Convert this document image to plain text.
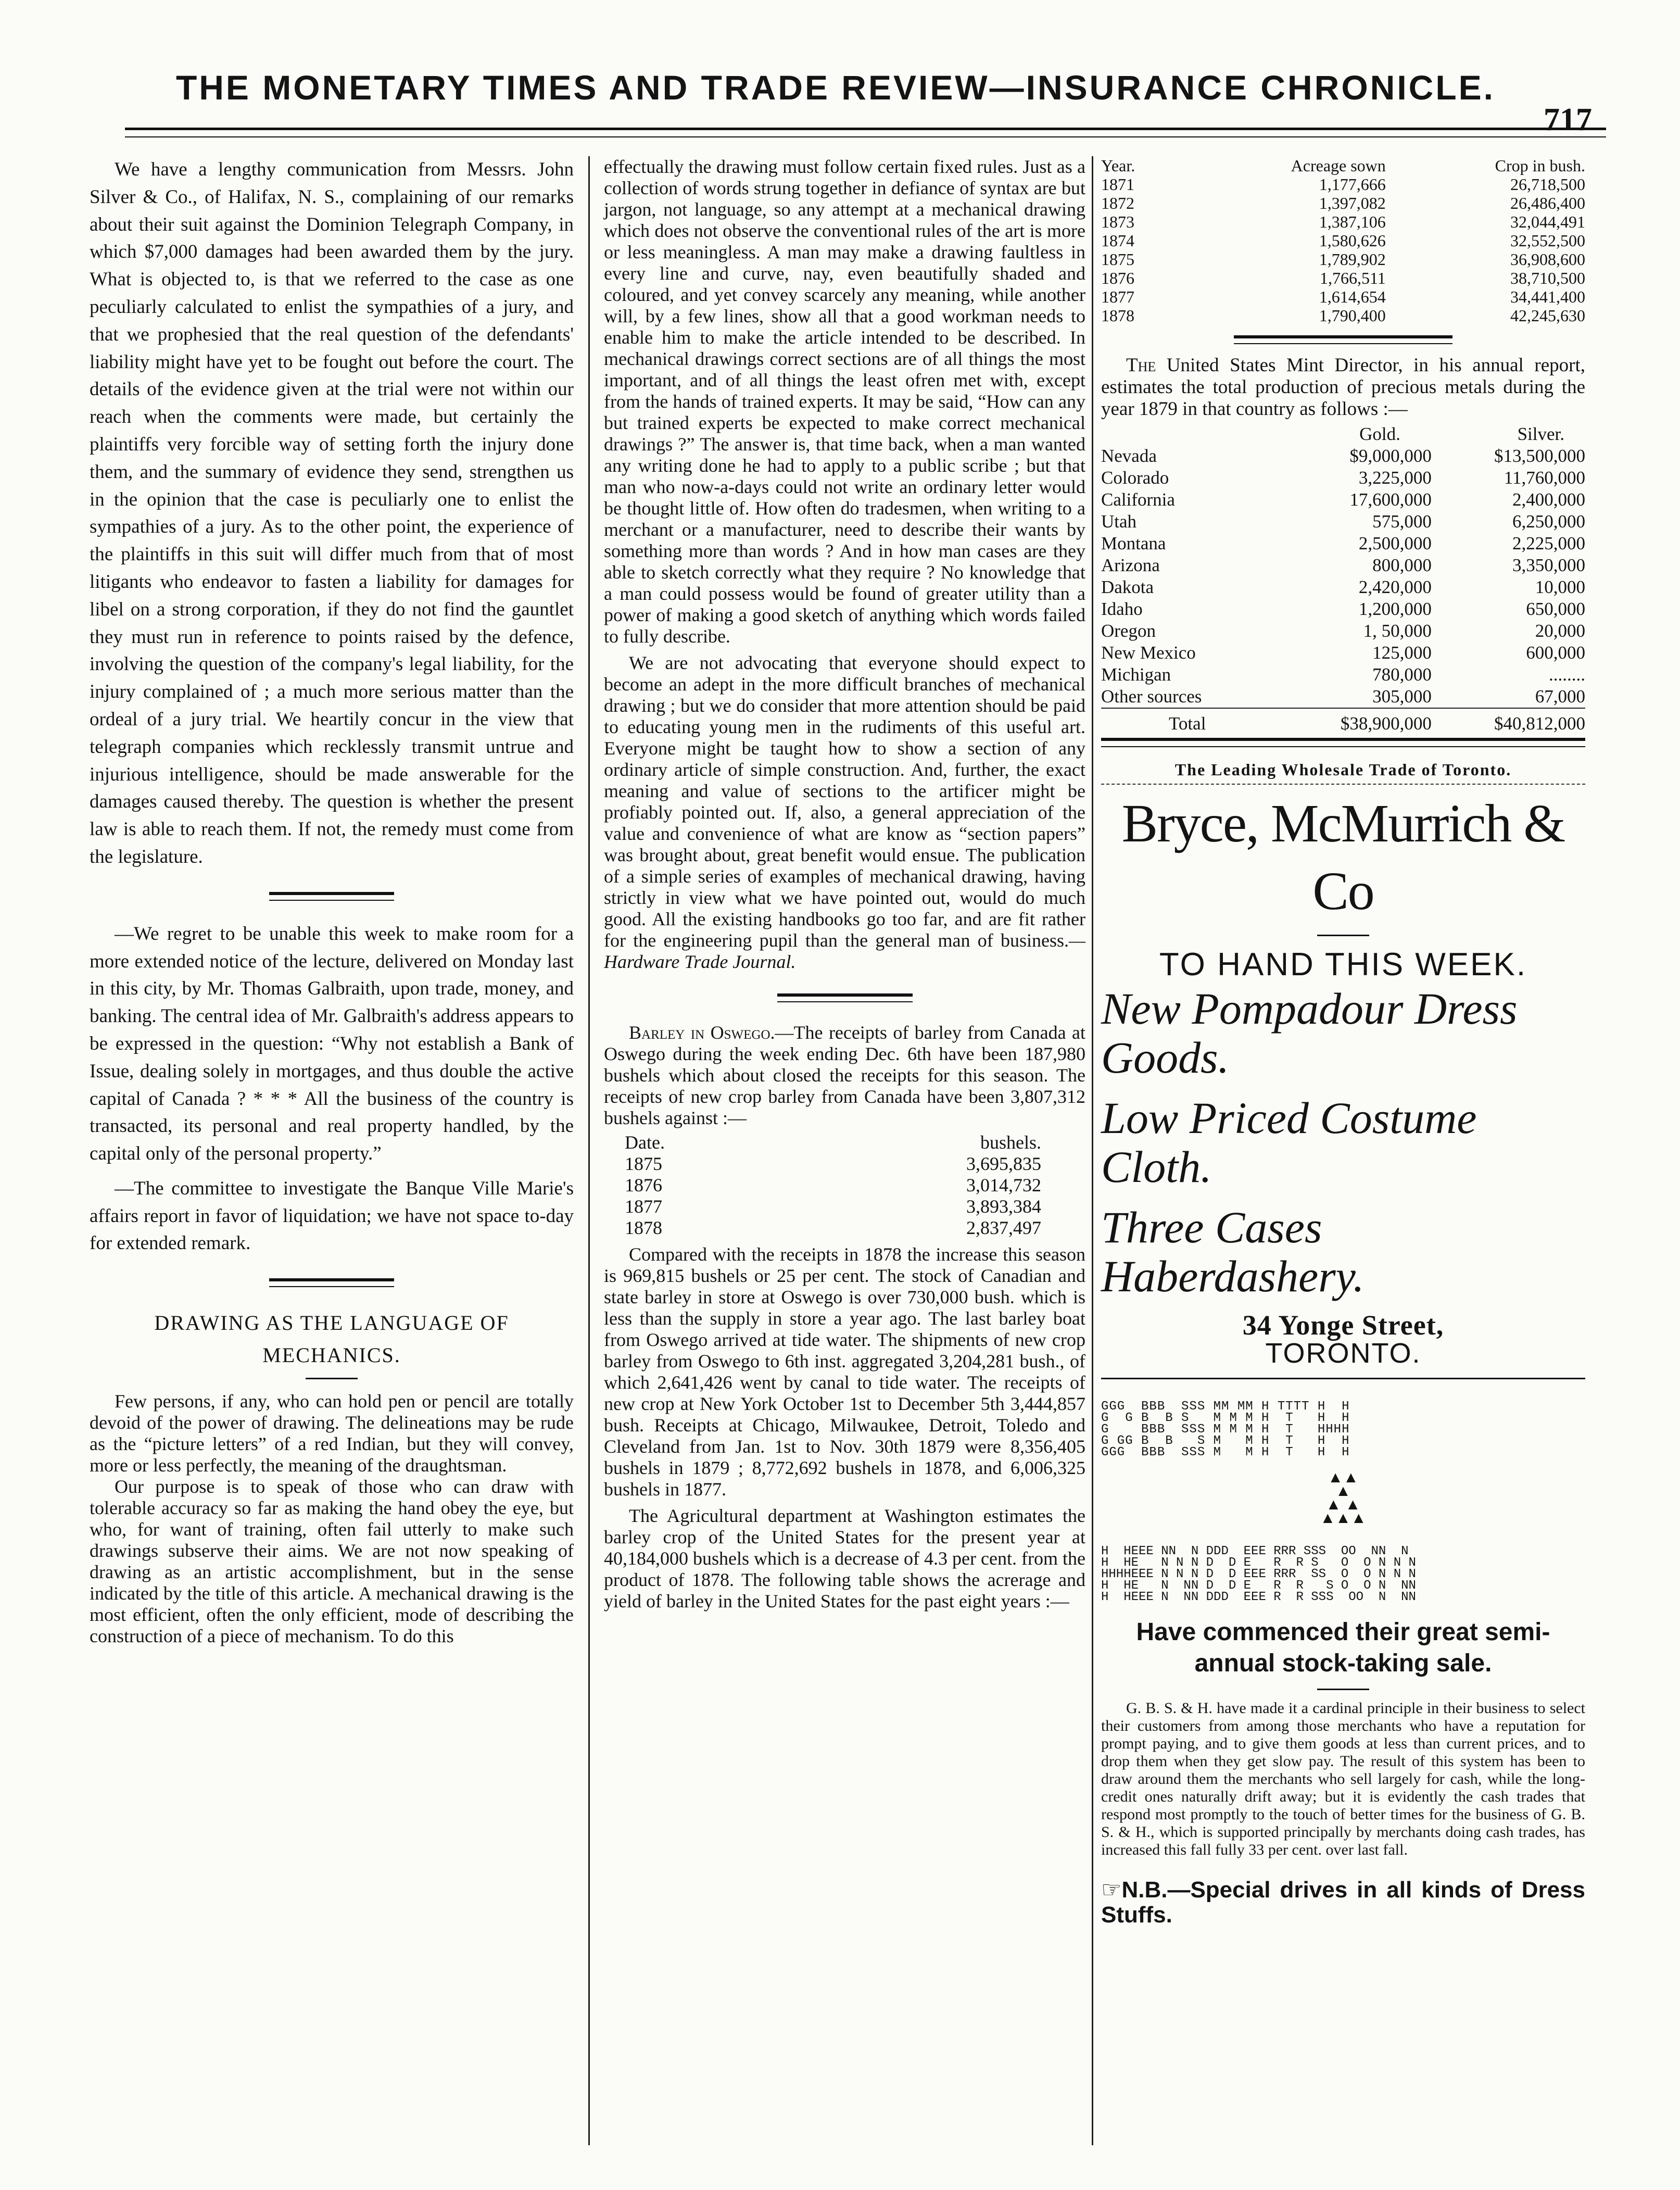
THE MONETARY TIMES AND TRADE REVIEW—INSURANCE CHRONICLE.
717

We have a lengthy communication from Messrs. John Silver & Co., of Halifax, N. S., complaining of our remarks about their suit against the Dominion Telegraph Company, in which $7,000 damages had been awarded them by the jury. What is objected to, is that we referred to the case as one peculiarly calculated to enlist the sympathies of a jury, and that we prophesied that the real question of the defendants' liability might have yet to be fought out before the court. The details of the evidence given at the trial were not within our reach when the comments were made, but certainly the plaintiffs very forcible way of setting forth the injury done them, and the summary of evidence they send, strengthen us in the opinion that the case is peculiarly one to enlist the sympathies of a jury. As to the other point, the experience of the plaintiffs in this suit will differ much from that of most litigants who endeavor to fasten a liability for damages for libel on a strong corporation, if they do not find the gauntlet they must run in reference to points raised by the defence, involving the question of the company's legal liability, for the injury complained of ; a much more serious matter than the ordeal of a jury trial. We heartily concur in the view that telegraph companies which recklessly transmit untrue and injurious intelligence, should be made answerable for the damages caused thereby. The question is whether the present law is able to reach them. If not, the remedy must come from the legislature.

—We regret to be unable this week to make room for a more extended notice of the lecture, delivered on Monday last in this city, by Mr. Thomas Galbraith, upon trade, money, and banking. The central idea of Mr. Galbraith's address appears to be expressed in the question: “Why not establish a Bank of Issue, dealing solely in mortgages, and thus double the active capital of Canada ? * * * All the business of the country is transacted, its personal and real property handled, by the capital only of the personal property.”

—The committee to investigate the Banque Ville Marie's affairs report in favor of liquidation; we have not space to-day for extended remark.

DRAWING AS THE LANGUAGE OF MECHANICS.

Few persons, if any, who can hold pen or pencil are totally devoid of the power of drawing. The delineations may be rude as the “picture letters” of a red Indian, but they will convey, more or less perfectly, the meaning of the draughtsman.

Our purpose is to speak of those who can draw with tolerable accuracy so far as making the hand obey the eye, but who, for want of training, often fail utterly to make such drawings subserve their aims. We are not now speaking of drawing as an artistic accomplishment, but in the sense indicated by the title of this article. A mechanical drawing is the most efficient, often the only efficient, mode of describing the construction of a piece of mechanism. To do this

effectually the drawing must follow certain fixed rules. Just as a collection of words strung together in defiance of syntax are but jargon, not language, so any attempt at a mechanical drawing which does not observe the conventional rules of the art is more or less meaningless. A man may make a drawing faultless in every line and curve, nay, even beautifully shaded and coloured, and yet convey scarcely any meaning, while another will, by a few lines, show all that a good workman needs to enable him to make the article intended to be described. In mechanical drawings correct sections are of all things the most important, and of all things the least ofren met with, except from the hands of trained experts. It may be said, “How can any but trained experts be expected to make correct mechanical drawings ?” The answer is, that time back, when a man wanted any writing done he had to apply to a public scribe ; but that man who now-a-days could not write an ordinary letter would be thought little of. How often do tradesmen, when writing to a merchant or a manufacturer, need to describe their wants by something more than words ? And in how man cases are they able to sketch correctly what they require ? No knowledge that a man could possess would be found of greater utility than a power of making a good sketch of anything which words failed to fully describe.

We are not advocating that everyone should expect to become an adept in the more difficult branches of mechanical drawing ; but we do consider that more attention should be paid to educating young men in the rudiments of this useful art. Everyone might be taught how to show a section of any ordinary article of simple construction. And, further, the exact meaning and value of sections to the artificer might be profiably pointed out. If, also, a general appreciation of the value and convenience of what are know as “section papers” was brought about, great benefit would ensue. The publication of a simple series of examples of mechanical drawing, having strictly in view what we have pointed out, would do much good. All the existing handbooks go too far, and are fit rather for the engineering pupil than the general man of business.—Hardware Trade Journal.

Barley in Oswego.—The receipts of barley from Canada at Oswego during the week ending Dec. 6th have been 187,980 bushels which about closed the receipts for this season. The receipts of new crop barley from Canada have been 3,807,312 bushels against :—

Date.	bushels.
1875	3,695,835
1876	3,014,732
1877	3,893,384
1878	2,837,497

Compared with the receipts in 1878 the increase this season is 969,815 bushels or 25 per cent. The stock of Canadian and state barley in store at Oswego is over 730,000 bush. which is less than the supply in store a year ago. The last barley boat from Oswego arrived at tide water. The shipments of new crop barley from Oswego to 6th inst. aggregated 3,204,281 bush., of which 2,641,426 went by canal to tide water. The receipts of new crop at New York October 1st to December 5th 3,444,857 bush. Receipts at Chicago, Milwaukee, Detroit, Toledo and Cleveland from Jan. 1st to Nov. 30th 1879 were 8,356,405 bushels in 1879 ; 8,772,692 bushels in 1878, and 6,006,325 bushels in 1877.

The Agricultural department at Washington estimates the barley crop of the United States for the present year at 40,184,000 bushels which is a decrease of 4.3 per cent. from the product of 1878. The following table shows the acrerage and yield of barley in the United States for the past eight years :—

Year.	Acreage sown	Crop in bush.
1871	1,177,666	26,718,500
1872	1,397,082	26,486,400
1873	1,387,106	32,044,491
1874	1,580,626	32,552,500
1875	1,789,902	36,908,600
1876	1,766,511	38,710,500
1877	1,614,654	34,441,400
1878	1,790,400	42,245,630

The United States Mint Director, in his annual report, estimates the total production of precious metals during the year 1879 in that country as follows :—

	Gold.	Silver.
Nevada	$9,000,000	$13,500,000
Colorado	3,225,000	11,760,000
California	17,600,000	2,400,000
Utah	575,000	6,250,000
Montana	2,500,000	2,225,000
Arizona	800,000	3,350,000
Dakota	2,420,000	10,000
Idaho	1,200,000	650,000
Oregon	1, 50,000	20,000
New Mexico	125,000	600,000
Michigan	780,000	........
Other sources	305,000	67,000
Total	$38,900,000	$40,812,000
The Leading Wholesale Trade of Toronto.
Bryce, McMurrich & Co
TO HAND THIS WEEK.
New Pompadour Dress Goods.
Low Priced Costume Cloth.
Three Cases Haberdashery.
34 Yonge Street,
TORONTO.
GGG  BBB  SSS MM MM H TTTT H  H
G  G B  B S   M M M H  T   H  H
G    BBB  SSS M M M H  T   HHHH
G GG B  B   S M   M H  T   H  H
GGG  BBB  SSS M   M H  T   H  H
▲▲
▲
▲ ▲
▲▲▲
H  HEEE NN  N DDD  EEE RRR SSS  OO  NN  N
H  HE   N N N D  D E   R  R S   O  O N N N
HHHHEEE N N N D  D EEE RRR  SS  O  O N N N
H  HE   N  NN D  D E   R  R   S O  O N  NN
H  HEEE N  NN DDD  EEE R  R SSS  OO  N  NN
Have commenced their great semi-annual stock-taking sale.

G. B. S. & H. have made it a cardinal principle in their business to select their customers from among those merchants who have a reputation for prompt paying, and to give them goods at less than current prices, and to drop them when they get slow pay. The result of this system has been to draw around them the merchants who sell largely for cash, while the long-credit ones naturally drift away; but it is evidently the cash trades that respond most promptly to the touch of better times for the business of G. B. S. & H., which is supported principally by merchants doing cash trades, has increased this fall fully 33 per cent. over last fall.

☞N.B.—Special drives in all kinds of Dress Stuffs.
